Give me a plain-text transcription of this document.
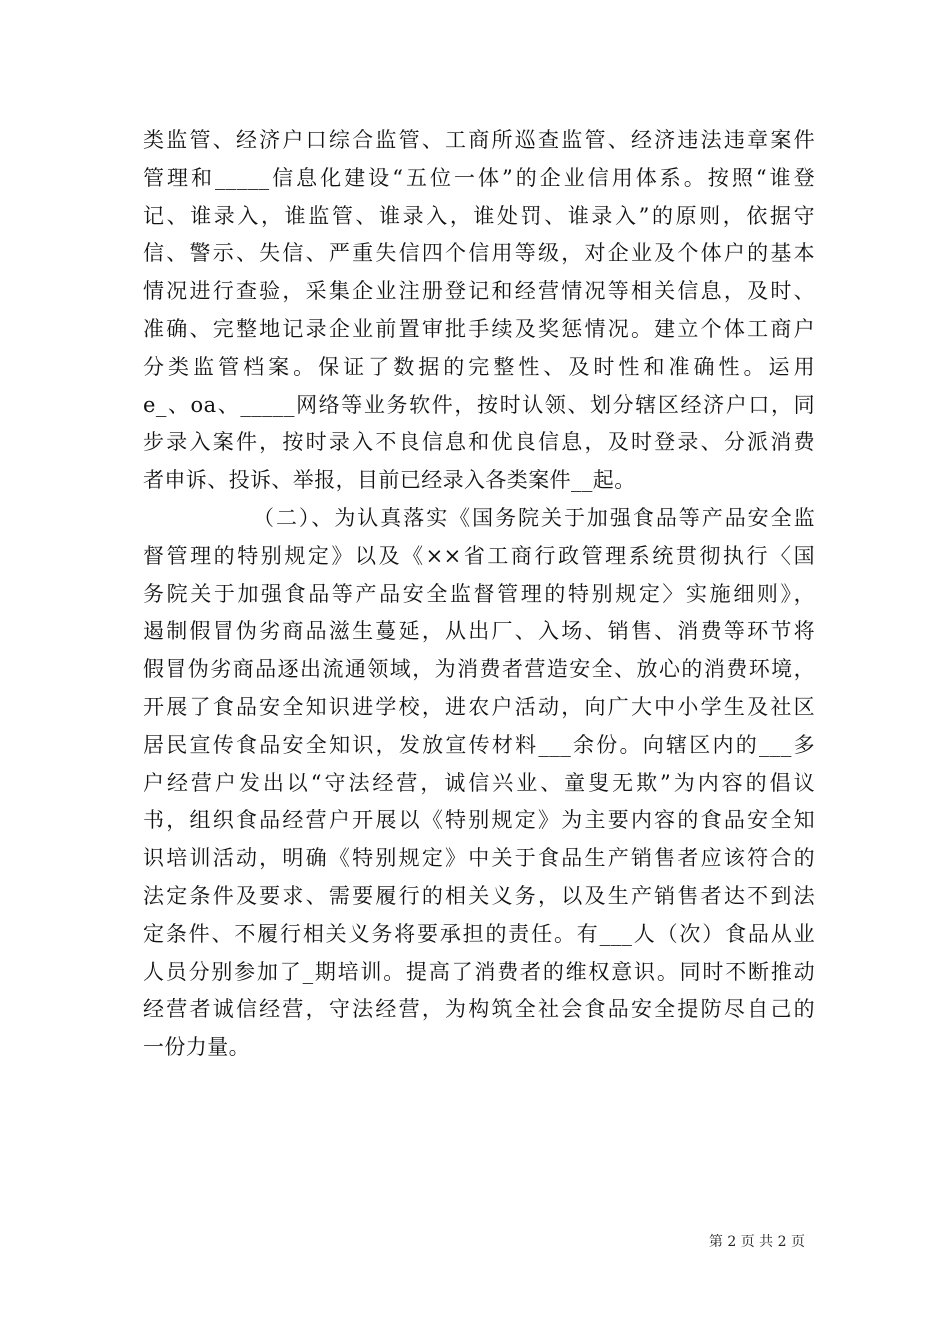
类监管、经济户口综合监管、工商所巡查监管、经济违法违章案件
管理和_____信息化建设“五位一体”的企业信用体系。按照“谁登
记、谁录入，谁监管、谁录入，谁处罚、谁录入”的原则，依据守
信、警示、失信、严重失信四个信用等级，对企业及个体户的基本
情况进行查验，采集企业注册登记和经营情况等相关信息，及时、
准确、完整地记录企业前置审批手续及奖惩情况。建立个体工商户
分类监管档案。保证了数据的完整性、及时性和准确性。运用
e_、oa、_____网络等业务软件，按时认领、划分辖区经济户口，同
步录入案件，按时录入不良信息和优良信息，及时登录、分派消费
者申诉、投诉、举报，目前已经录入各类案件__起。
（二）、为认真落实《国务院关于加强食品等产品安全监
督管理的特别规定》以及《××省工商行政管理系统贯彻执行〈国
务院关于加强食品等产品安全监督管理的特别规定〉实施细则》，
遏制假冒伪劣商品滋生蔓延，从出厂、入场、销售、消费等环节将
假冒伪劣商品逐出流通领域，为消费者营造安全、放心的消费环境，
开展了食品安全知识进学校，进农户活动，向广大中小学生及社区
居民宣传食品安全知识，发放宣传材料___余份。向辖区内的___多
户经营户发出以“守法经营，诚信兴业、童叟无欺”为内容的倡议
书，组织食品经营户开展以《特别规定》为主要内容的食品安全知
识培训活动，明确《特别规定》中关于食品生产销售者应该符合的
法定条件及要求、需要履行的相关义务，以及生产销售者达不到法
定条件、不履行相关义务将要承担的责任。有___人（次）食品从业
人员分别参加了_期培训。提高了消费者的维权意识。同时不断推动
经营者诚信经营，守法经营，为构筑全社会食品安全提防尽自己的
一份力量。
第 2 页 共 2 页
